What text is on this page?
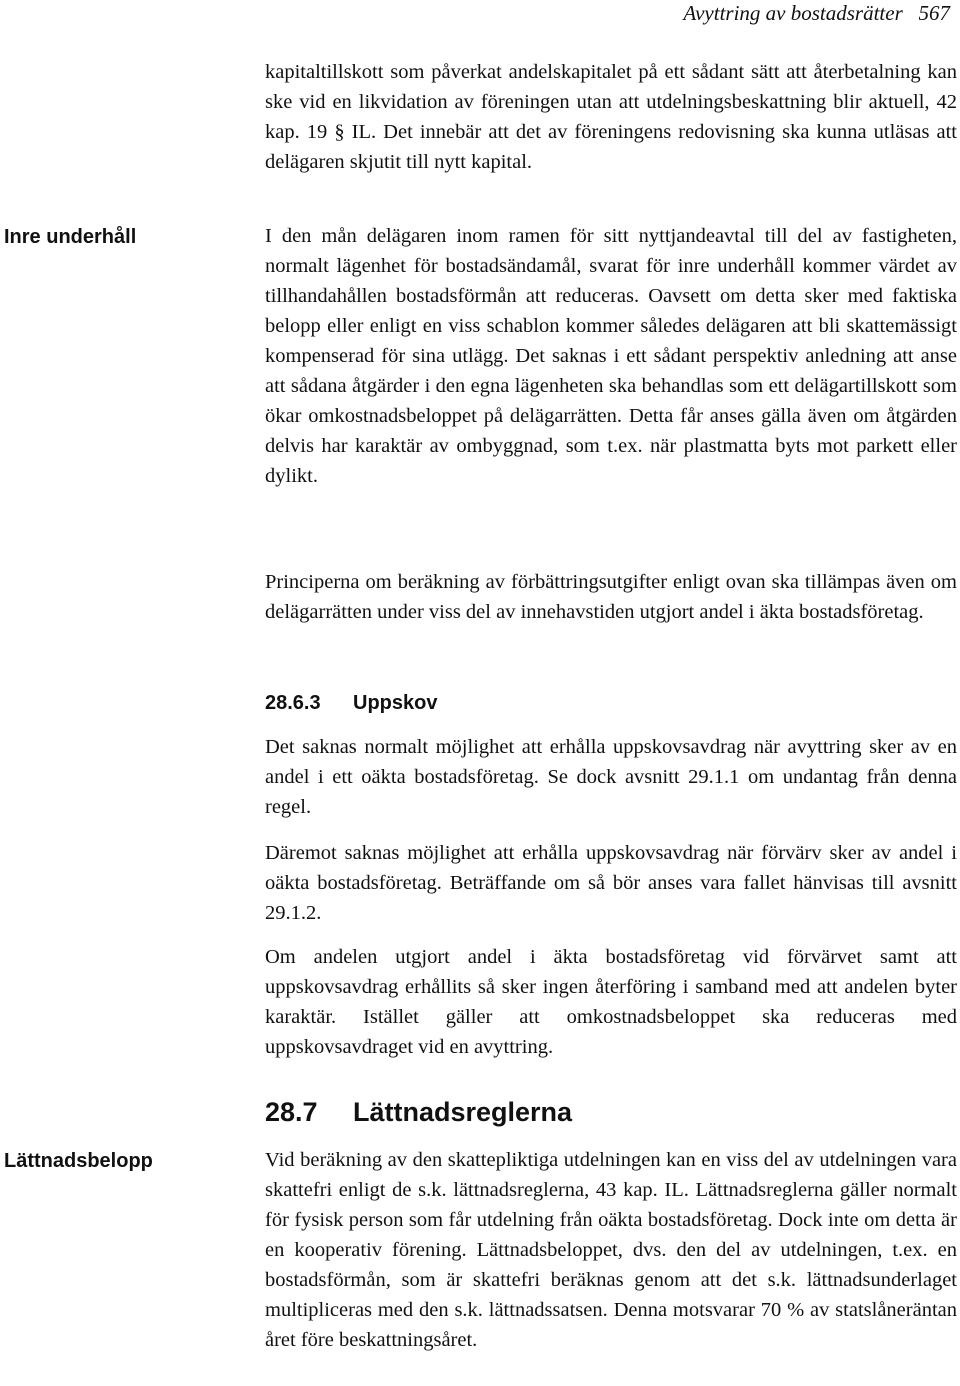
Avyttring av bostadsrätter 567

kapitaltillskott som påverkat andelskapitalet på ett sådant sätt att återbetalning kan ske vid en likvidation av föreningen utan att utdelningsbeskattning blir aktuell, 42 kap. 19 § IL. Det innebär att det av föreningens redovisning ska kunna utläsas att delägaren skjutit till nytt kapital.

Inre underhåll	I den mån delägaren inom ramen för sitt nyttjandeavtal till del av fastigheten, normalt lägenhet för bostadsändamål, svarat för inre underhåll kommer värdet av tillhandahållen bostadsförmån att reduceras. Oavsett om detta sker med faktiska belopp eller enligt en viss schablon kommer således delägaren att bli skattemässigt kompenserad för sina utlägg. Det saknas i ett sådant perspektiv anledning att anse att sådana åtgärder i den egna lägenheten ska behandlas som ett delägartillskott som ökar omkostnadsbeloppet på delägarrätten. Detta får anses gälla även om åtgärden delvis har karaktär av ombyggnad, som t.ex. när plastmatta byts mot parkett eller dylikt.

Principerna om beräkning av förbättringsutgifter enligt ovan ska tillämpas även om delägarrätten under viss del av innehavstiden utgjort andel i äkta bostadsföretag.

28.6.3 Uppskov

Det saknas normalt möjlighet att erhålla uppskovsavdrag när avyttring sker av en andel i ett oäkta bostadsföretag. Se dock avsnitt 29.1.1 om undantag från denna regel.

Däremot saknas möjlighet att erhålla uppskovsavdrag när förvärv sker av andel i oäkta bostadsföretag. Beträffande om så bör anses vara fallet hänvisas till avsnitt 29.1.2.

Om andelen utgjort andel i äkta bostadsföretag vid förvärvet samt att uppskovsavdrag erhållits så sker ingen återföring i samband med att andelen byter karaktär. Istället gäller att omkostnadsbeloppet ska reduceras med uppskovsavdraget vid en avyttring.

28.7 Lättnadsreglerna
Lättnadsbelopp	Vid beräkning av den skattepliktiga utdelningen kan en viss del av utdelningen vara skattefri enligt de s.k. lättnadsreglerna, 43 kap. IL. Lättnadsreglerna gäller normalt för fysisk person som får utdelning från oäkta bostadsföretag. Dock inte om detta är en kooperativ förening. Lättnadsbeloppet, dvs. den del av utdelningen, t.ex. en bostadsförmån, som är skattefri beräknas genom att det s.k. lättnadsunderlaget multipliceras med den s.k. lättnadssatsen. Denna motsvarar 70 % av statslåneräntan året före beskattningsåret.
